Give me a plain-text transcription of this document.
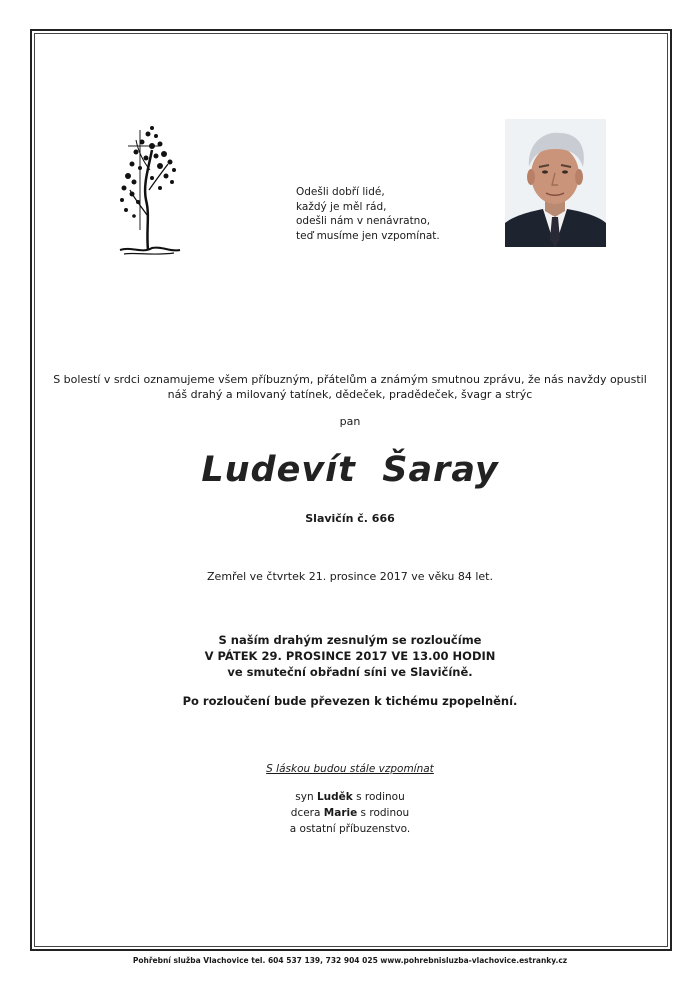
Odešli dobří lidé,
každý je měl rád,
odešli nám v nenávratno,
teď musíme jen vzpomínat.
S bolestí v srdci oznamujeme všem příbuzným, přátelům a známým smutnou zprávu, že nás navždy opustil
náš drahý a milovaný tatínek, dědeček, pradědeček, švagr a strýc
pan
Ludevít  Šaray
Slavičín č. 666
Zemřel ve čtvrtek 21. prosince 2017 ve věku 84 let.
S naším drahým zesnulým se rozloučíme
V PÁTEK 29. PROSINCE 2017 VE 13.00 HODIN
ve smuteční obřadní síni ve Slavičíně.
Po rozloučení bude převezen k tichému zpopelnění.
S láskou budou stále vzpomínat
syn Luděk s rodinou
dcera Marie s rodinou
a ostatní příbuzenstvo.
Pohřební služba Vlachovice tel. 604 537 139, 732 904 025 www.pohrebnisluzba-vlachovice.estranky.cz
